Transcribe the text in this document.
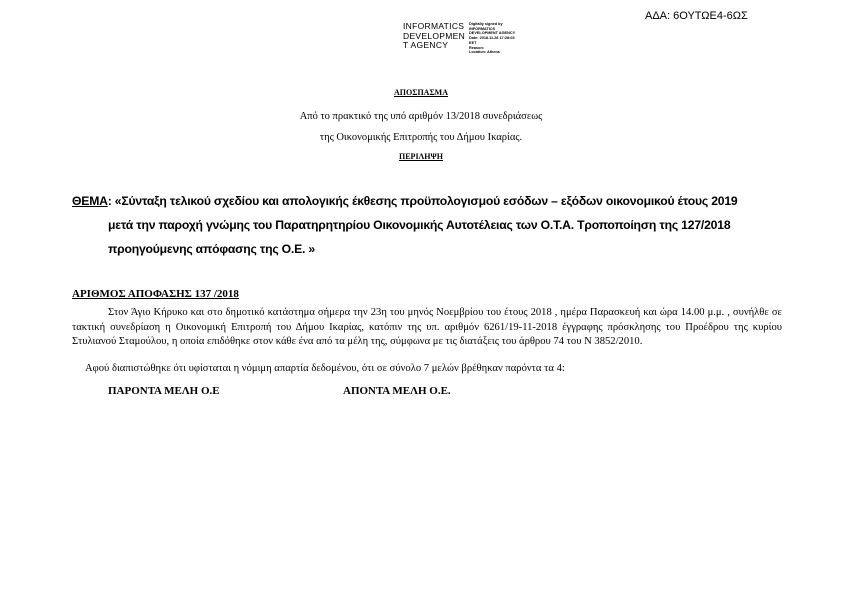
ΑΔΑ: 6ΟΥΤΩΕ4-6ΩΣ
INFORMATICS
DEVELOPMEN
T AGENCY
Digitally signed by
INFORMATICS
DEVELOPMENT AGENCY
Date: 2018.11.28 17:28:03
EET
Reason:
Location: Athens
ΑΠΟΣΠΑΣΜΑ
Από το πρακτικό της υπό αριθμόν 13/2018 συνεδριάσεως
της Οικονομικής Επιτροπής του Δήμου Ικαρίας.
ΠΕΡΙΛΗΨΗ
ΘΕΜΑ: «Σύνταξη τελικού σχεδίου και απολογικής έκθεσης προϋπολογισμού εσόδων – εξόδων οικονομικού έτους 2019
μετά την παροχή γνώμης του Παρατηρητηρίου Οικονομικής Αυτοτέλειας των Ο.Τ.Α. Τροποποίηση της 127/2018
προηγούμενης απόφασης της Ο.Ε. »
ΑΡΙΘΜΟΣ ΑΠΟΦΑΣΗΣ 137 /2018

Στον Άγιο Κήρυκο και στο δημοτικό κατάστημα σήμερα την 23η του μηνός Νοεμβρίου του έτους 2018 , ημέρα Παρασκευή και ώρα 14.00 μ.μ. , συνήλθε σε τακτική συνεδρίαση η Οικονομική Επιτροπή του Δήμου Ικαρίας, κατόπιν της υπ. αριθμόν 6261/19-11-2018 έγγραφης πρόσκλησης του Προέδρου της κυρίου Στυλιανού Σταμούλου, η οποία επιδόθηκε στον κάθε ένα από τα μέλη της, σύμφωνα με τις διατάξεις του άρθρου 74 του Ν 3852/2010.

Αφού διαπιστώθηκε ότι υφίσταται η νόμιμη απαρτία δεδομένου, ότι σε σύνολο 7 μελών βρέθηκαν παρόντα τα 4:
ΠΑΡΟΝΤΑ ΜΕΛΗ Ο.Ε	ΑΠΟΝΤΑ ΜΕΛΗ Ο.Ε.
